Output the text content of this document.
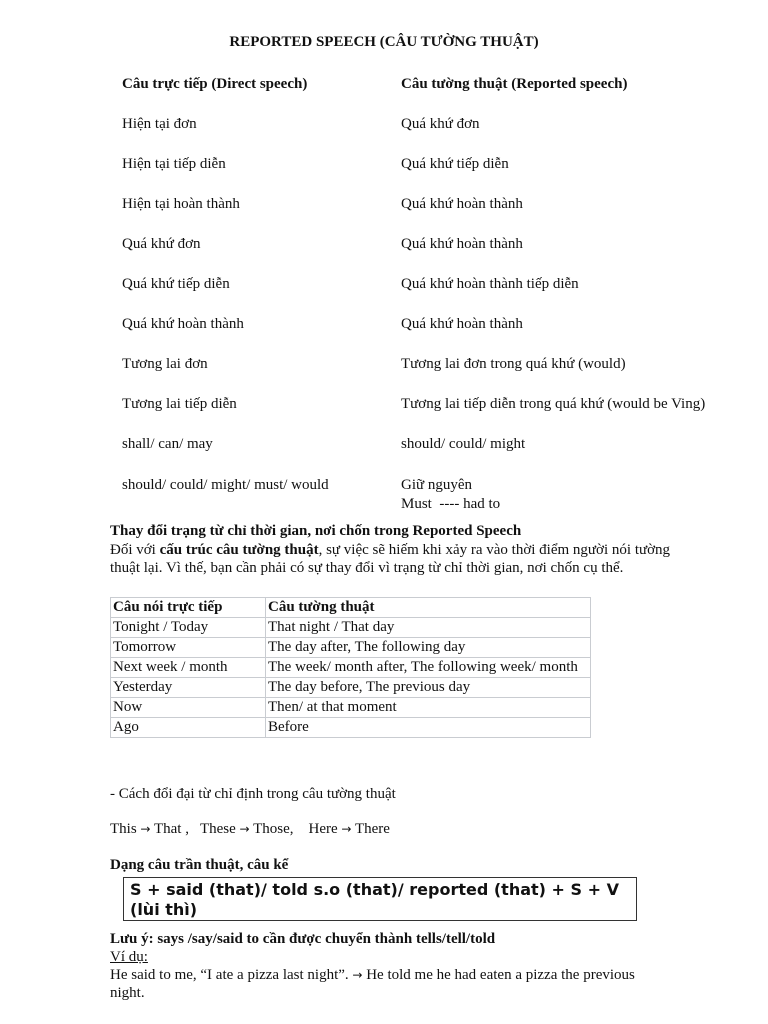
REPORTED SPEECH (CÂU TƯỜNG THUẬT)
Câu trực tiếp (Direct speech)	Câu tường thuật (Reported speech)
Hiện tại đơn	Quá khứ đơn
Hiện tại tiếp diễn	Quá khứ tiếp diễn
Hiện tại hoàn thành	Quá khứ hoàn thành
Quá khứ đơn	Quá khứ hoàn thành
Quá khứ tiếp diễn	Quá khứ hoàn thành tiếp diễn
Quá khứ hoàn thành	Quá khứ hoàn thành
Tương lai đơn	Tương lai đơn trong quá khứ (would)
Tương lai tiếp diễn	Tương lai tiếp diễn trong quá khứ (would be Ving)
shall/ can/ may	should/ could/ might
should/ could/ might/ must/ would	Giữ nguyên
Must  ---- had to
Thay đổi trạng từ chỉ thời gian, nơi chốn trong Reported Speech
Đối với cấu trúc câu tường thuật, sự việc sẽ hiếm khi xảy ra vào thời điểm người nói tường thuật lại. Vì thế, bạn cần phải có sự thay đổi vì trạng từ chỉ thời gian, nơi chốn cụ thể.
Câu nói trực tiếp	Câu tường thuật
Tonight / Today	That night / That day
Tomorrow	The day after, The following day
Next week / month	The week/ month after, The following week/ month
Yesterday	The day before, The previous day
Now	Then/ at that moment
Ago	Before
- Cách đổi đại từ chỉ định trong câu tường thuật
This → That , These → Those, Here → There
Dạng câu trần thuật, câu kể
S + said (that)/ told s.o (that)/ reported (that) + S + V (lùi thì)
Lưu ý: says /say/said to cần được chuyển thành tells/tell/told
Ví dụ:
He said to me, “I ate a pizza last night”. → He told me he had eaten a pizza the previous night.
